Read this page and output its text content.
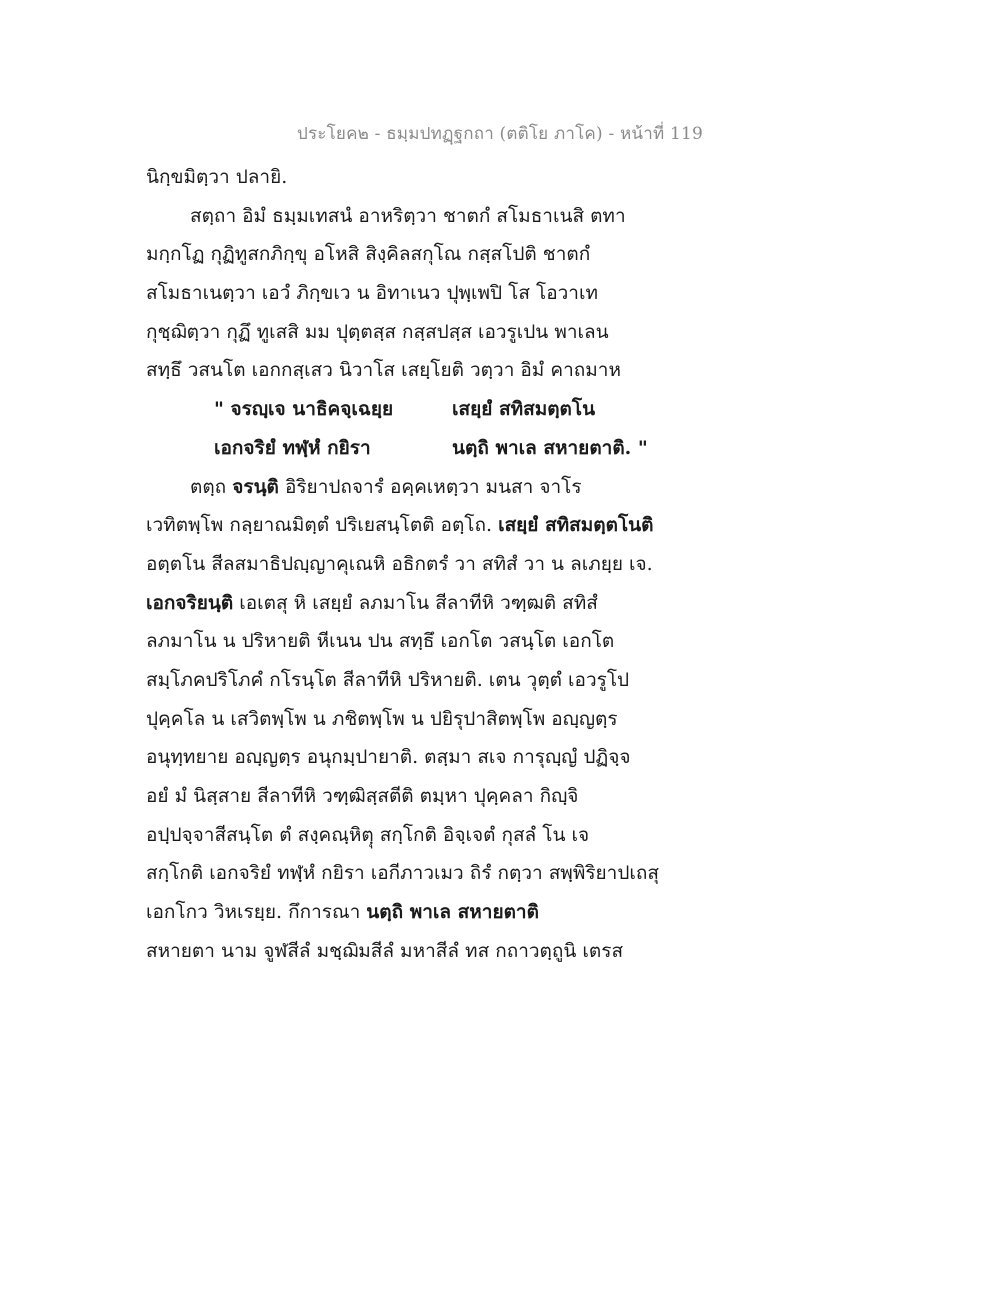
ประโยค๒ - ธมฺมปทฏฺฐกถา (ตติโย ภาโค) - หน้าที่ 119
นิกฺขมิตฺวา ปลายิ.
สตฺถา อิมํ ธมฺมเทสนํ อาหริตฺวา ชาตกํ สโมธาเนสิ ตทา
มกฺกโฏ กุฏิทูสกภิกฺขุ อโหสิ สิงฺคิลสกุโณ กสฺสโปติ ชาตกํ
สโมธาเนตฺวา เอวํ ภิกฺขเว น อิทาเนว ปุพฺเพปิ โส โอวาเท
กุชฺฌิตฺวา กุฏึ ทูเสสิ มม ปุตฺตสฺส กสฺสปสฺส เอวรูเปน พาเลน
สทฺธึ วสนโต เอกกสฺเสว นิวาโส เสยฺโยติ วตฺวา อิมํ คาถมาห
" จรญฺเจ นาธิคจฺเฉยฺย	เสยฺยํ สทิสมตฺตโน
เอกจริยํ ทฬฺหํ กยิรา	นตฺถิ พาเล สหายตาติ. "
ตตฺถ จรนฺติ อิริยาปถจารํ อคฺคเหตฺวา มนสา จาโร
เวทิตพฺโพ กลฺยาณมิตฺตํ ปริเยสนฺโตติ อตฺโถ. เสยฺยํ สทิสมตฺตโนติ
อตฺตโน สีลสมาธิปญฺญาคุเณหิ อธิกตรํ วา สทิสํ วา น ลเภยฺย เจ.
เอกจริยนฺติ เอเตสุ หิ เสยฺยํ ลภมาโน สีลาทีหิ วฑฺฒติ สทิสํ
ลภมาโน น ปริหายติ หีเนน ปน สทฺธึ เอกโต วสนฺโต เอกโต
สมฺโภคปริโภคํ กโรนฺโต สีลาทีหิ ปริหายติ. เตน วุตฺตํ เอวรูโป
ปุคฺคโล น เสวิตพฺโพ น ภชิตพฺโพ น ปยิรุปาสิตพฺโพ อญฺญตฺร
อนุทฺทยาย อญฺญตฺร อนุกมฺปายาติ. ตสฺมา สเจ การุญฺญํ ปฏิจฺจ
อยํ มํ นิสฺสาย สีลาทีหิ วฑฺฒิสฺสตีติ ตมฺหา ปุคฺคลา กิญฺจิ
อปฺปจฺจาสีสนฺโต ตํ สงฺคณฺหิตฺุ สกฺโกติ อิจฺเจตํ กุสลํ โน เจ
สกฺโกติ เอกจริยํ ทฬฺหํ กยิรา เอกีภาวเมว ถิรํ กตฺวา สพฺพิริยาปเถสุ
เอกโกว วิหเรยฺย. กึการณา นตฺถิ พาเล สหายตาติ
สหายตา นาม จูฬสีลํ มชฺฌิมสีลํ มหาสีลํ ทส กถาวตฺถูนิ เตรส
